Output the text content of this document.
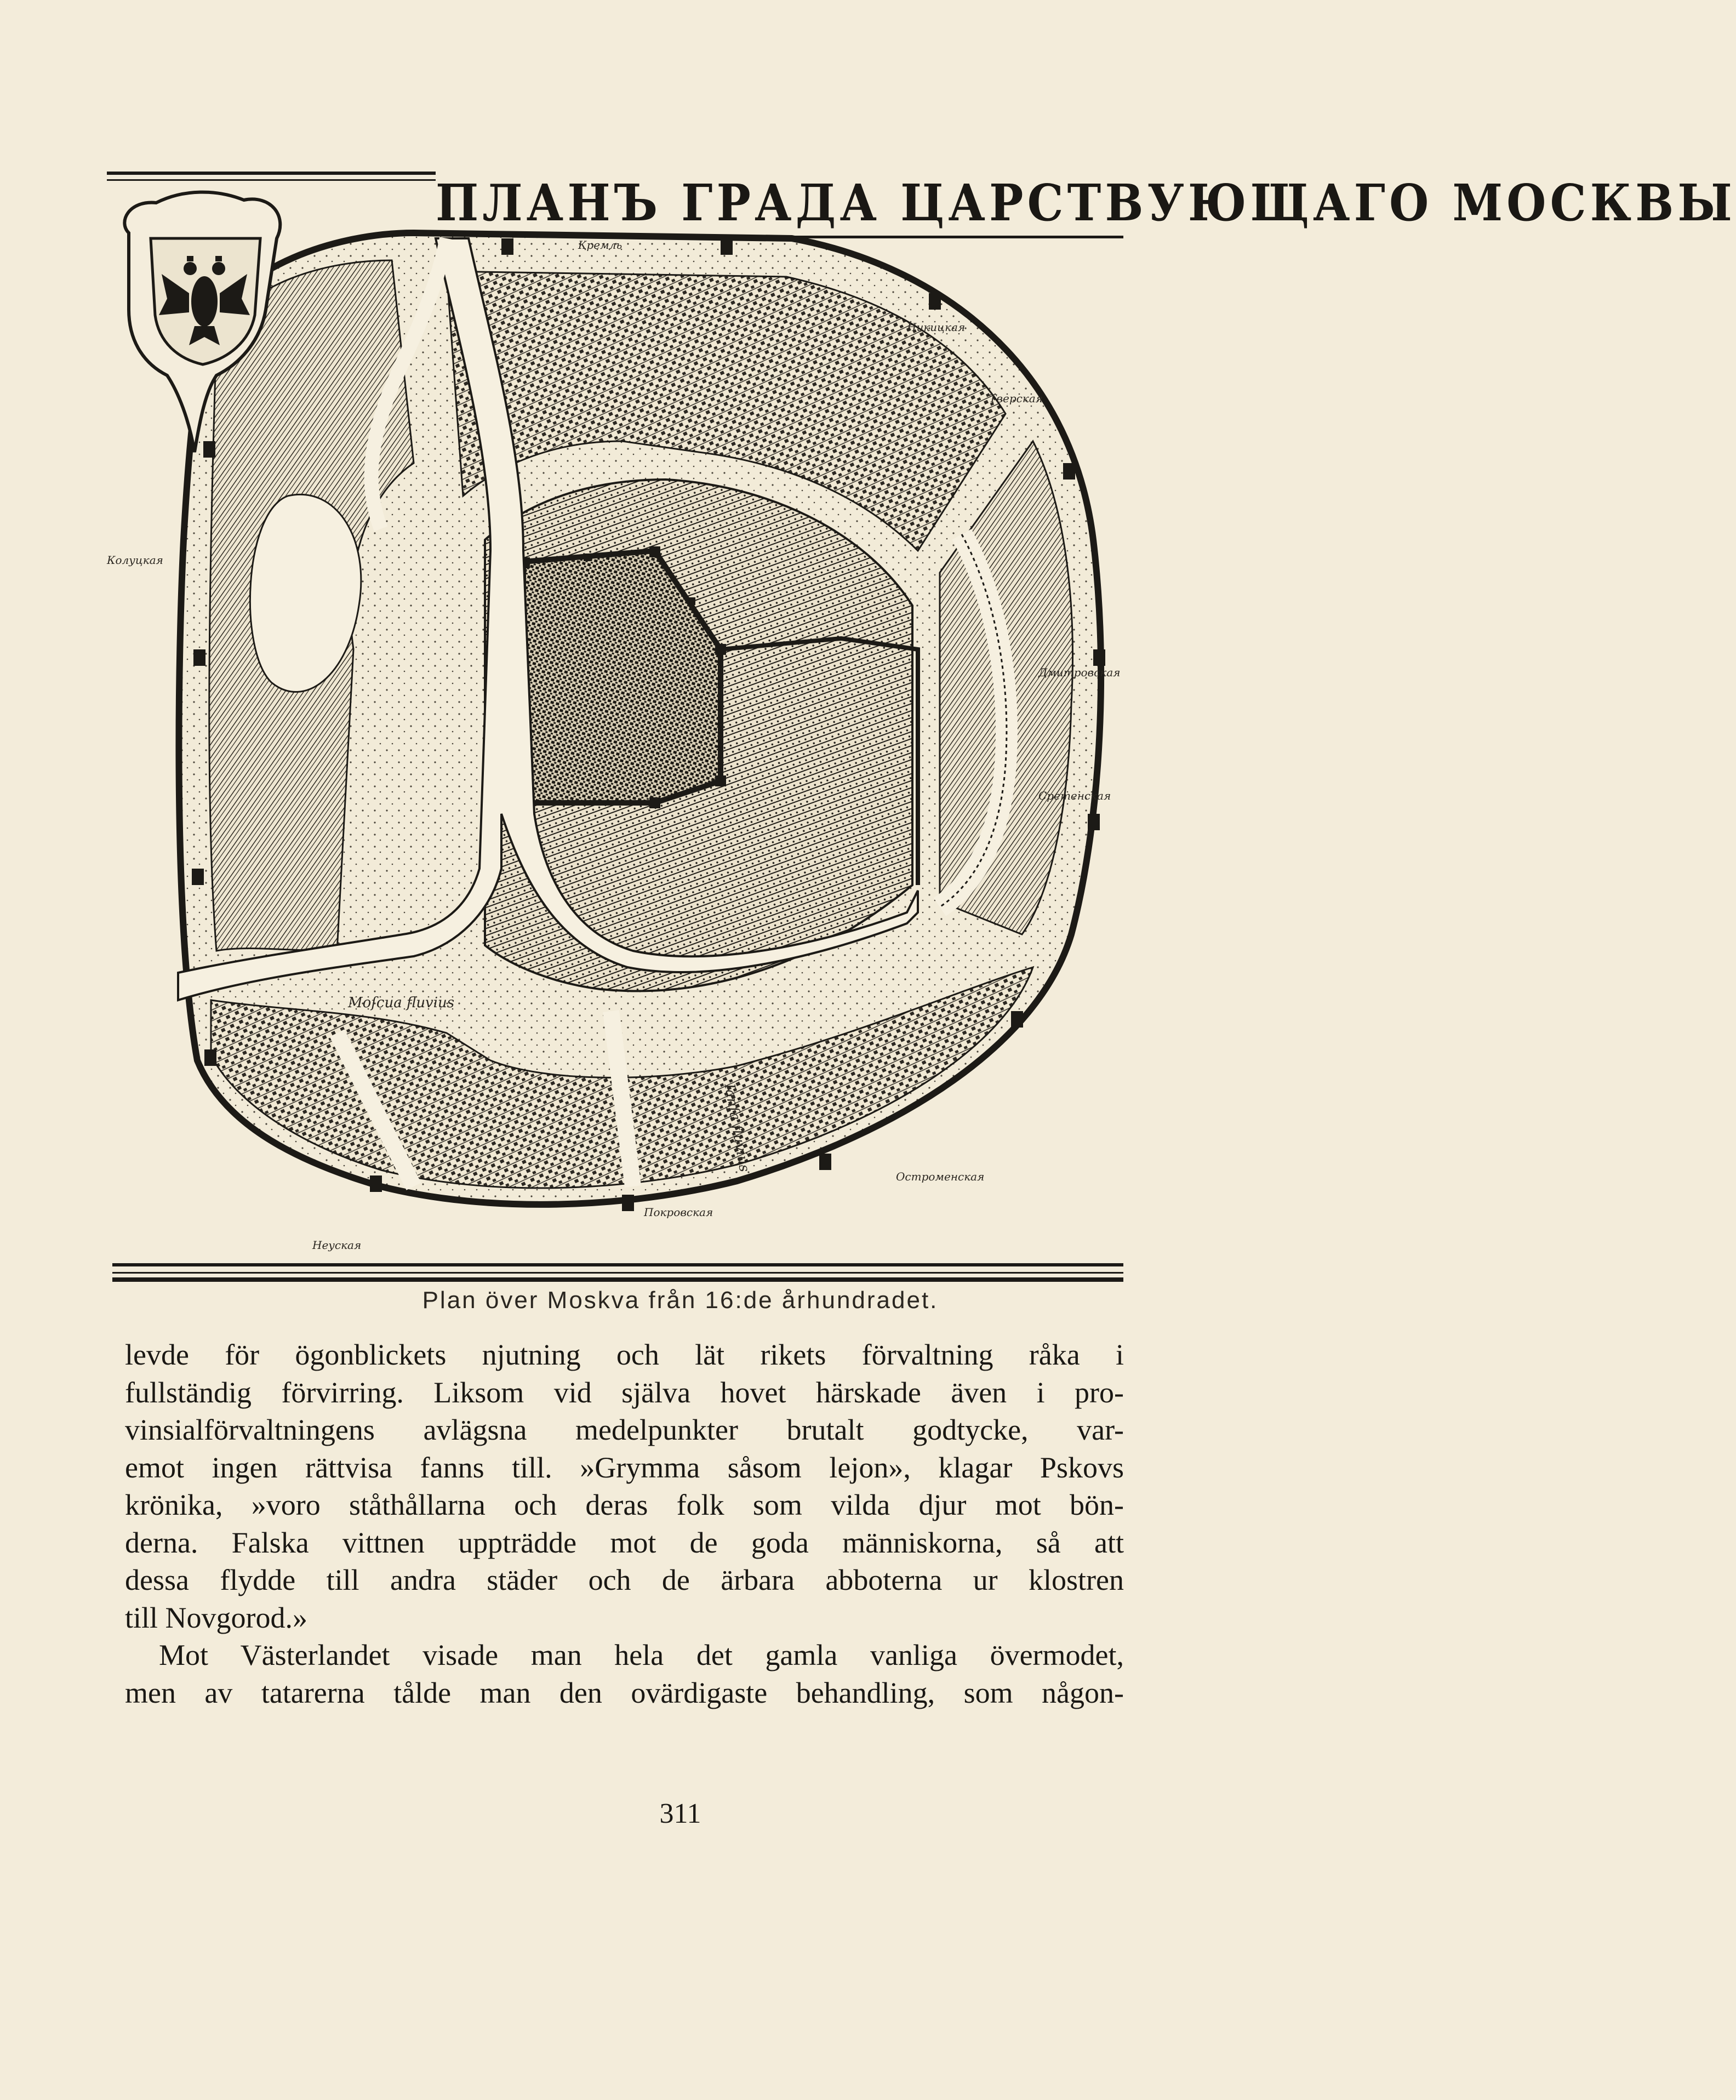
ПЛАНЪ ГРАДА ЦАРСТВУЮЩАГО МОСКВЫ
Moſcua fluvius
Ianſa fluvius
Колуцкая
Никицкая
Тверская
Дмитровская
Сретенская
Остроменская
Покровская
Неуская
Кремль
Plan över Moskva från 16:de århundradet.
levde för ögonblickets njutning och lät rikets förvaltning råka i
fullständig förvirring. Liksom vid själva hovet härskade även i pro-
vinsialförvaltningens avlägsna medelpunkter brutalt godtycke, var-
emot ingen rättvisa fanns till. »Grymma såsom lejon», klagar Pskovs
krönika, »voro ståthållarna och deras folk som vilda djur mot bön-
derna. Falska vittnen uppträdde mot de goda människorna, så att
dessa flydde till andra städer och de ärbara abboterna ur klostren
till Novgorod.»
Mot Västerlandet visade man hela det gamla vanliga övermodet,
men av tatarerna tålde man den ovärdigaste behandling, som någon-
311
